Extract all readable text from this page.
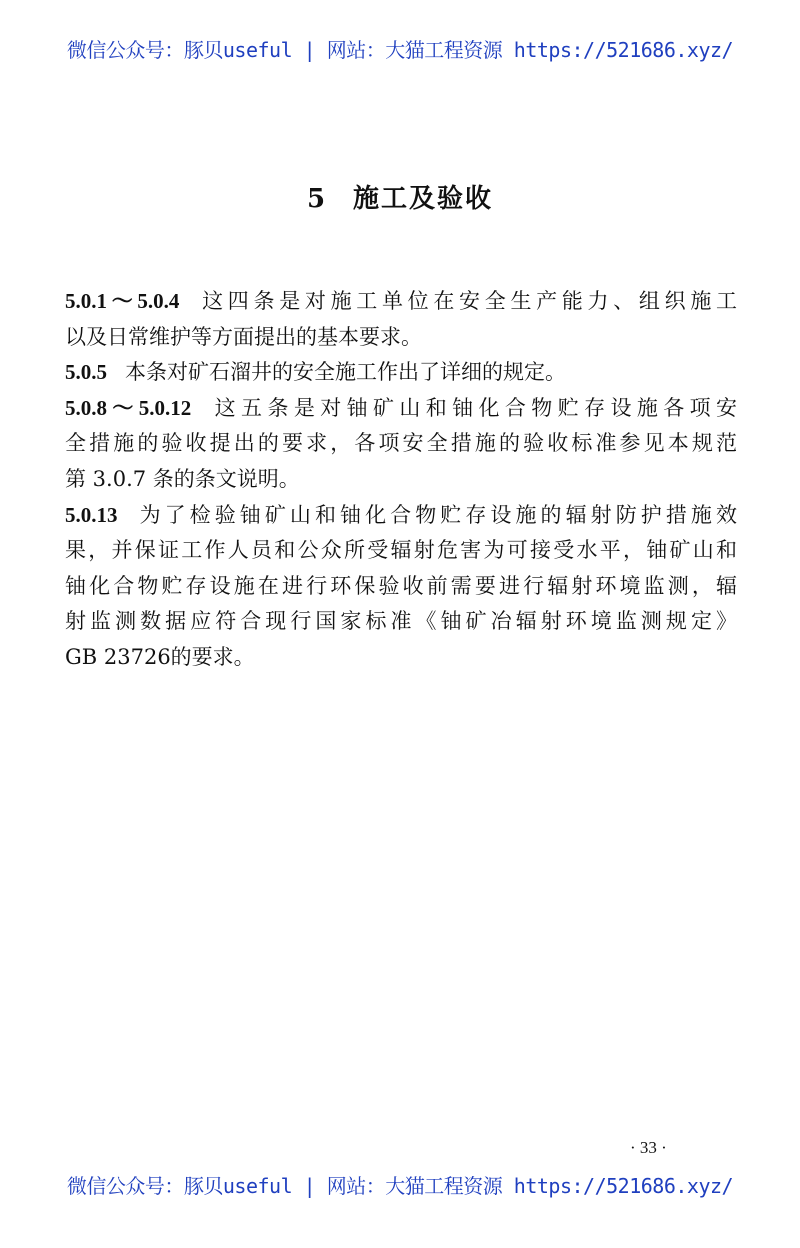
微信公众号：豚贝useful | 网站：大猫工程资源 https://521686.xyz/
5 施工及验收
5.0.1～5.0.4 这四条是对施工单位在安全生产能力、组织施工
以及日常维护等方面提出的基本要求。
5.0.5 本条对矿石溜井的安全施工作出了详细的规定。
5.0.8～5.0.12 这五条是对铀矿山和铀化合物贮存设施各项安
全措施的验收提出的要求，各项安全措施的验收标准参见本规范
第 3.0.7 条的条文说明。
5.0.13 为了检验铀矿山和铀化合物贮存设施的辐射防护措施效
果，并保证工作人员和公众所受辐射危害为可接受水平，铀矿山和
铀化合物贮存设施在进行环保验收前需要进行辐射环境监测，辐
射监测数据应符合现行国家标准《铀矿冶辐射环境监测规定》
GB 23726的要求。
· 33 ·
微信公众号：豚贝useful | 网站：大猫工程资源 https://521686.xyz/
